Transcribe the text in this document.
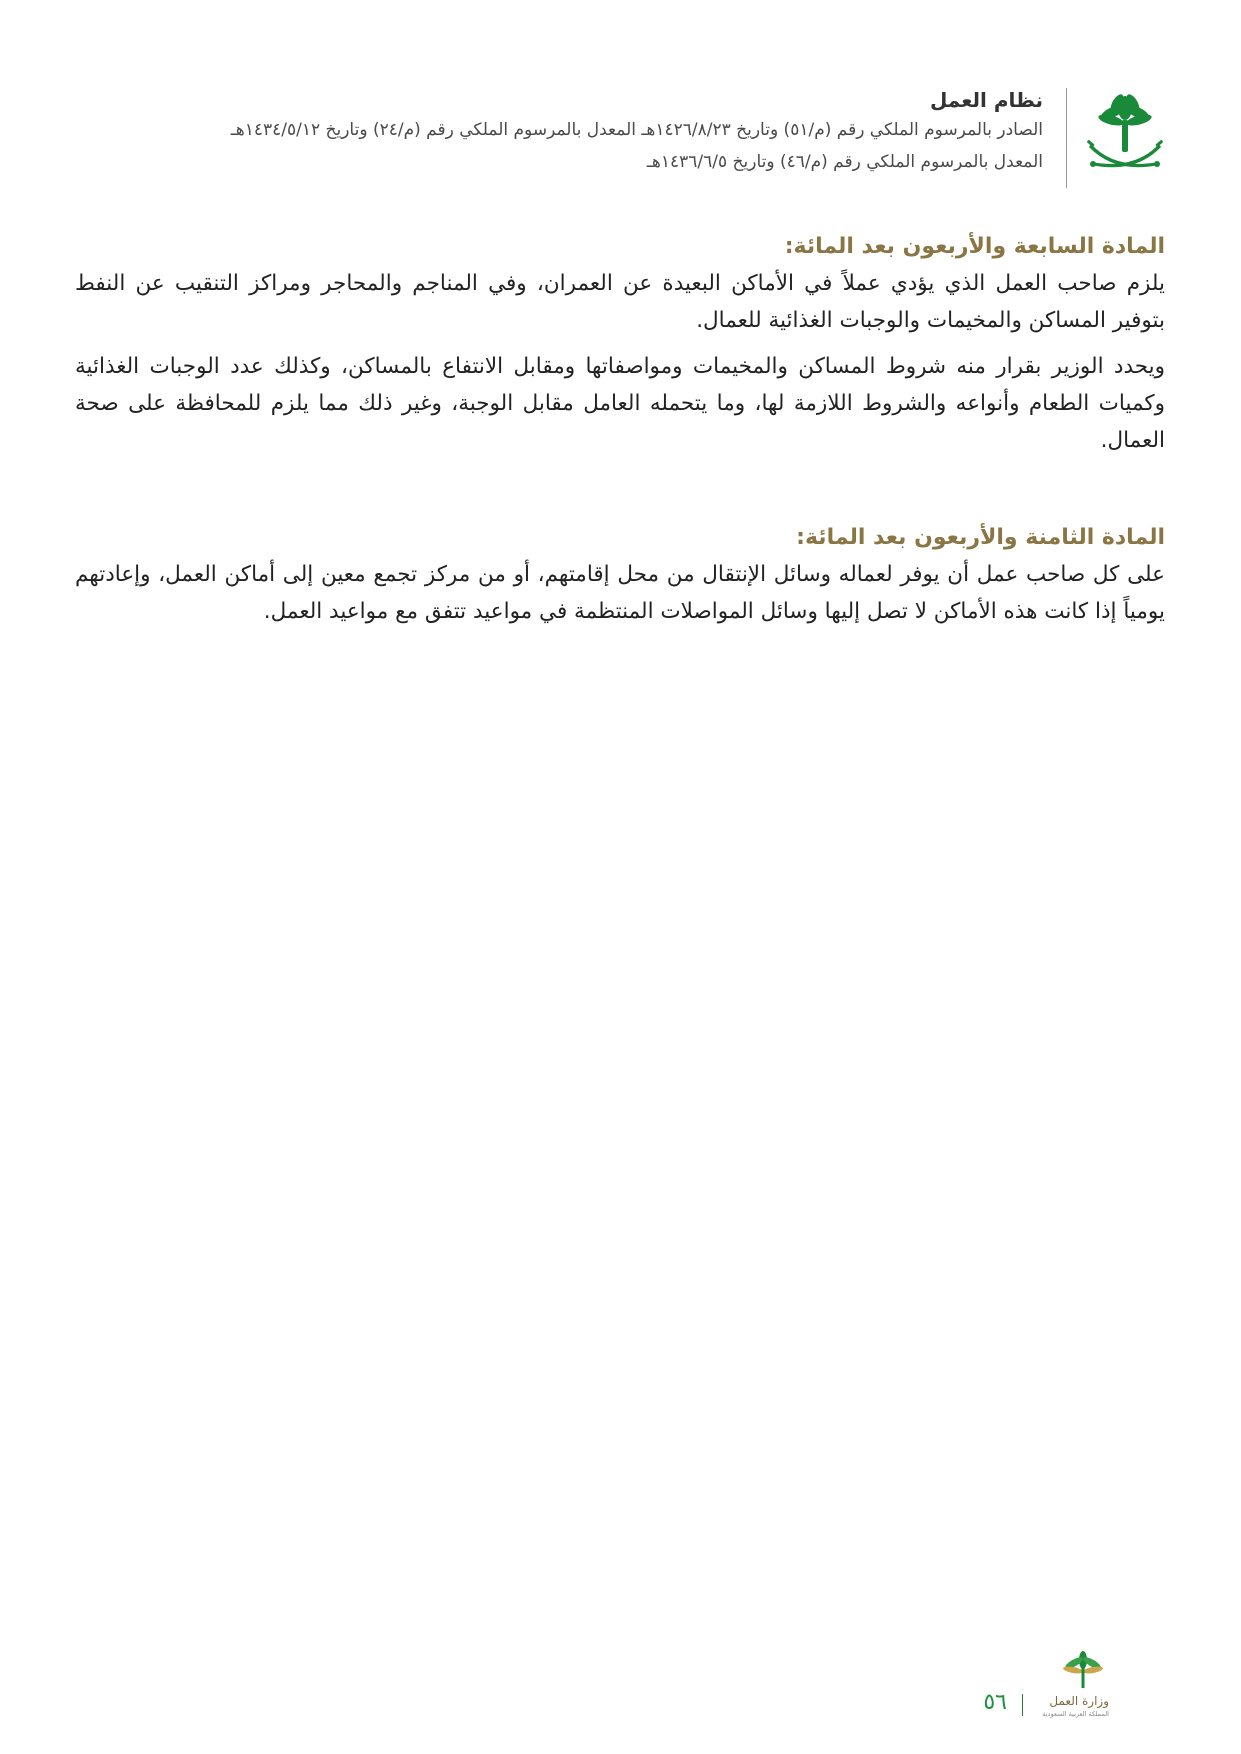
نظام العمل
الصادر بالمرسوم الملكي رقم (م/٥١) وتاريخ ١٤٢٦/٨/٢٣هـ المعدل بالمرسوم الملكي رقم (م/٢٤) وتاريخ ١٤٣٤/٥/١٢هـ
المعدل بالمرسوم الملكي رقم (م/٤٦) وتاريخ ١٤٣٦/٦/٥هـ
المادة السابعة والأربعون بعد المائة:

يلزم صاحب العمل الذي يؤدي عملاً في الأماكن البعيدة عن العمران، وفي المناجم والمحاجر ومراكز التنقيب عن النفط بتوفير المساكن والمخيمات والوجبات الغذائية للعمال.

ويحدد الوزير بقرار منه شروط المساكن والمخيمات ومواصفاتها ومقابل الانتفاع بالمساكن، وكذلك عدد الوجبات الغذائية وكميات الطعام وأنواعه والشروط اللازمة لها، وما يتحمله العامل مقابل الوجبة، وغير ذلك مما يلزم للمحافظة على صحة العمال.

المادة الثامنة والأربعون بعد المائة:

على كل صاحب عمل أن يوفر لعماله وسائل الإنتقال من محل إقامتهم، أو من مركز تجمع معين إلى أماكن العمل، وإعادتهم يومياً إذا كانت هذه الأماكن لا تصل إليها وسائل المواصلات المنتظمة في مواعيد تتفق مع مواعيد العمل.

وزارة العمل
المملكة العربية السعودية
٥٦
